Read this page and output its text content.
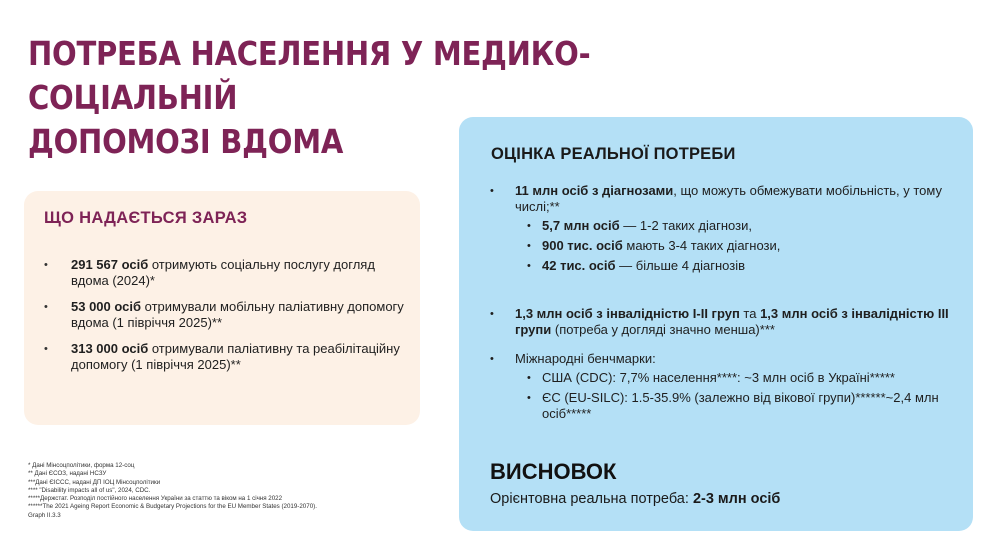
ПОТРЕБА НАСЕЛЕННЯ У МЕДИКО-СОЦІАЛЬНІЙ
ДОПОМОЗІ ВДОМА
ЩО НАДАЄТЬСЯ ЗАРАЗ
• 291 567 осіб отримують соціальну послугу догляд вдома (2024)*
• 53 000 осіб отримували мобільну паліативну допомогу вдома (1 півріччя 2025)**
• 313 000 осіб отримували паліативну та реабілітаційну допомогу (1 півріччя 2025)**
* Дані Мінсоцполітики, форма 12-соц
** Дані ЄСОЗ, надані НСЗУ
***Дані ЄІССС, надані ДП ІОЦ Мінсоцполітики
**** "Disability impacts all of us", 2024, CDC.
*****Держстат. Розподіл постійного населення України за статтю та віком на 1 січня 2022
******The 2021 Ageing Report Economic & Budgetary Projections for the EU Member States (2019-2070).
Graph II.3.3
ОЦІНКА РЕАЛЬНОЇ ПОТРЕБИ
• 11 млн осіб з діагнозами, що можуть обмежувати мобільність, у тому числі;**
• 5,7 млн осіб — 1-2 таких діагнози,
• 900 тис. осіб мають 3-4 таких діагнози,
• 42 тис. осіб — більше 4 діагнозів
• 1,3 млн осіб з інвалідністю I-II груп та 1,3 млн осіб з інвалідністю III групи (потреба у догляді значно менша)***
• Міжнародні бенчмарки:
• США (CDC): 7,7% населення****: ~3 млн осіб в Україні*****
• ЄС (EU-SILC): 1.5-35.9% (залежно від вікової групи)******~2,4 млн осіб*****
ВИСНОВОК

Орієнтовна реальна потреба: 2-3 млн осіб
